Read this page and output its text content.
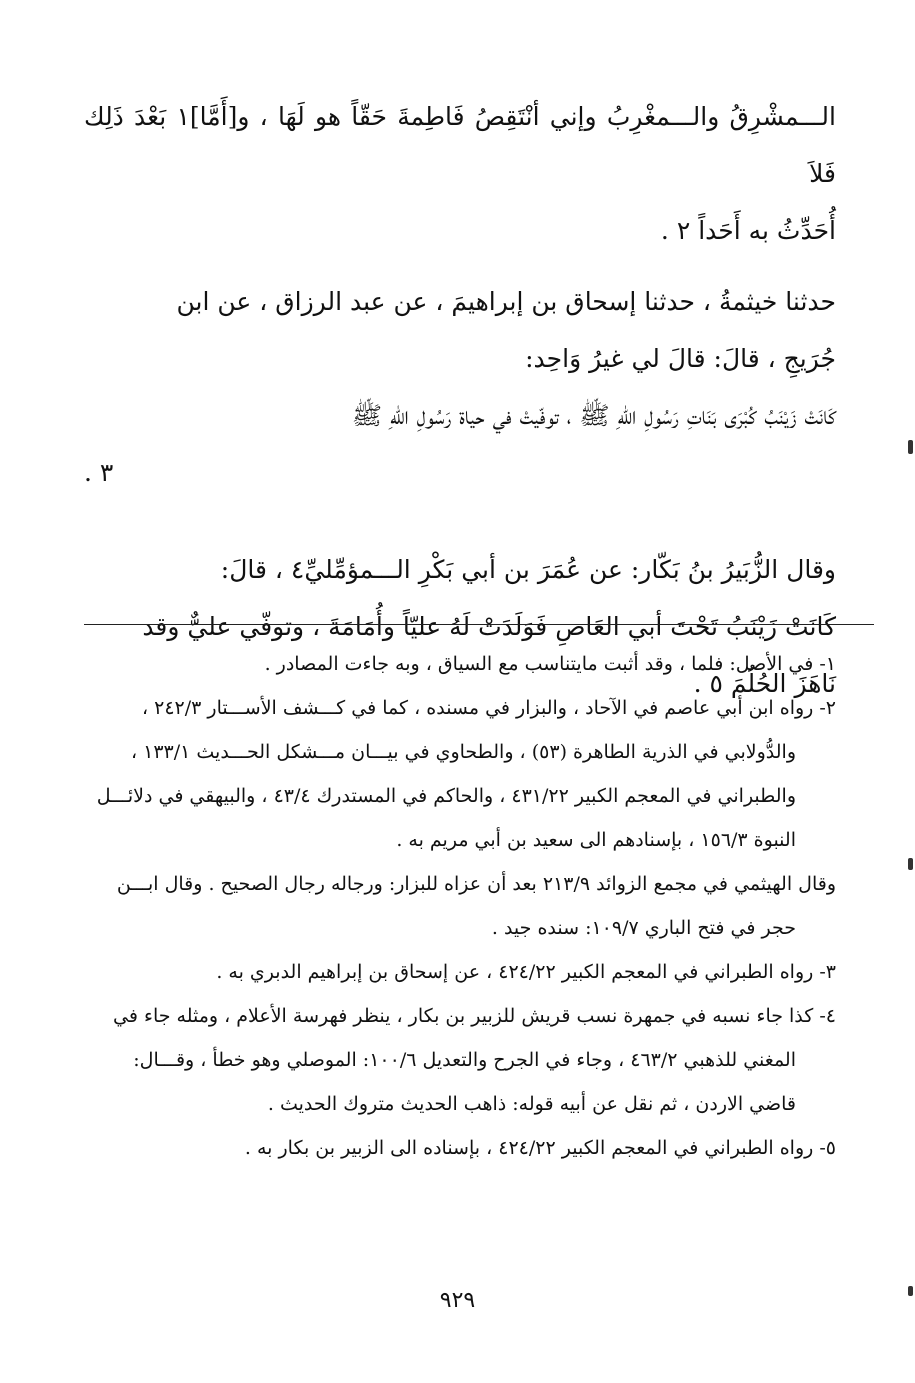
الـــمشْرِقُ والـــمغْرِبُ وإني أنْتَقِصُ فَاطِمةَ حَقّاً هو لَهَا ، و[أَمَّا]١ بَعْدَ ذَلِك فَلاَ

أُحَدِّثُ به أَحَداً ٢ .

حدثنا خيثمةُ ، حدثنا إسحاق بن إبراهيمَ ، عن عبد الرزاق ، عن ابن

جُرَيجِ ، قالَ: قالَ لي غيرُ وَاحِد:

كَانَتْ زَيْنَبُ كُبْرَى بَنَاتِ رَسُولِ اللهِ ﷺ ، توفّيتْ في حياة رَسُولِ اللهِ ﷺ

٣ .

وقال الزُّبَيرُ بنُ بَكّار: عن عُمَرَ بن أبي بَكْرِ الـــمؤمِّليِّ٤ ، قالَ:

كَانَتْ زَيْنَبُ تَحْتَ أبي العَاصِ فَوَلَدَتْ لَهُ عليّاً وأُمَامَةَ ، وتوفّي عليٌّ وقد

نَاهَزَ الحُلُمَ ٥ .

١- في الأصل: فلما ، وقد أثبت مايتناسب مع السياق ، وبه جاءت المصادر .

٢- رواه ابن أبي عاصم في الآحاد ، والبزار في مسنده ، كما في كـــشف الأســـتار ٢٤٢/٣ ،

والدُّولابي في الذرية الطاهرة (٥٣) ، والطحاوي في بيـــان مـــشكل الحـــديث ١٣٣/١ ،

والطبراني في المعجم الكبير ٤٣١/٢٢ ، والحاكم في المستدرك ٤٣/٤ ، والبيهقي في دلائـــل

النبوة ١٥٦/٣ ، بإسنادهم الى سعيد بن أبي مريم به .

وقال الهيثمي في مجمع الزوائد ٢١٣/٩ بعد أن عزاه للبزار: ورجاله رجال الصحيح . وقال ابـــن

حجر في فتح الباري ١٠٩/٧: سنده جيد .

٣- رواه الطبراني في المعجم الكبير ٤٢٤/٢٢ ، عن إسحاق بن إبراهيم الدبري به .

٤- كذا جاء نسبه في جمهرة نسب قريش للزبير بن بكار ، ينظر فهرسة الأعلام ، ومثله جاء في

المغني للذهبي ٤٦٣/٢ ، وجاء في الجرح والتعديل ١٠٠/٦: الموصلي وهو خطأ ، وقـــال:

قاضي الاردن ، ثم نقل عن أبيه قوله: ذاهب الحديث متروك الحديث .

٥- رواه الطبراني في المعجم الكبير ٤٢٤/٢٢ ، بإسناده الى الزبير بن بكار به .

٩٢٩
